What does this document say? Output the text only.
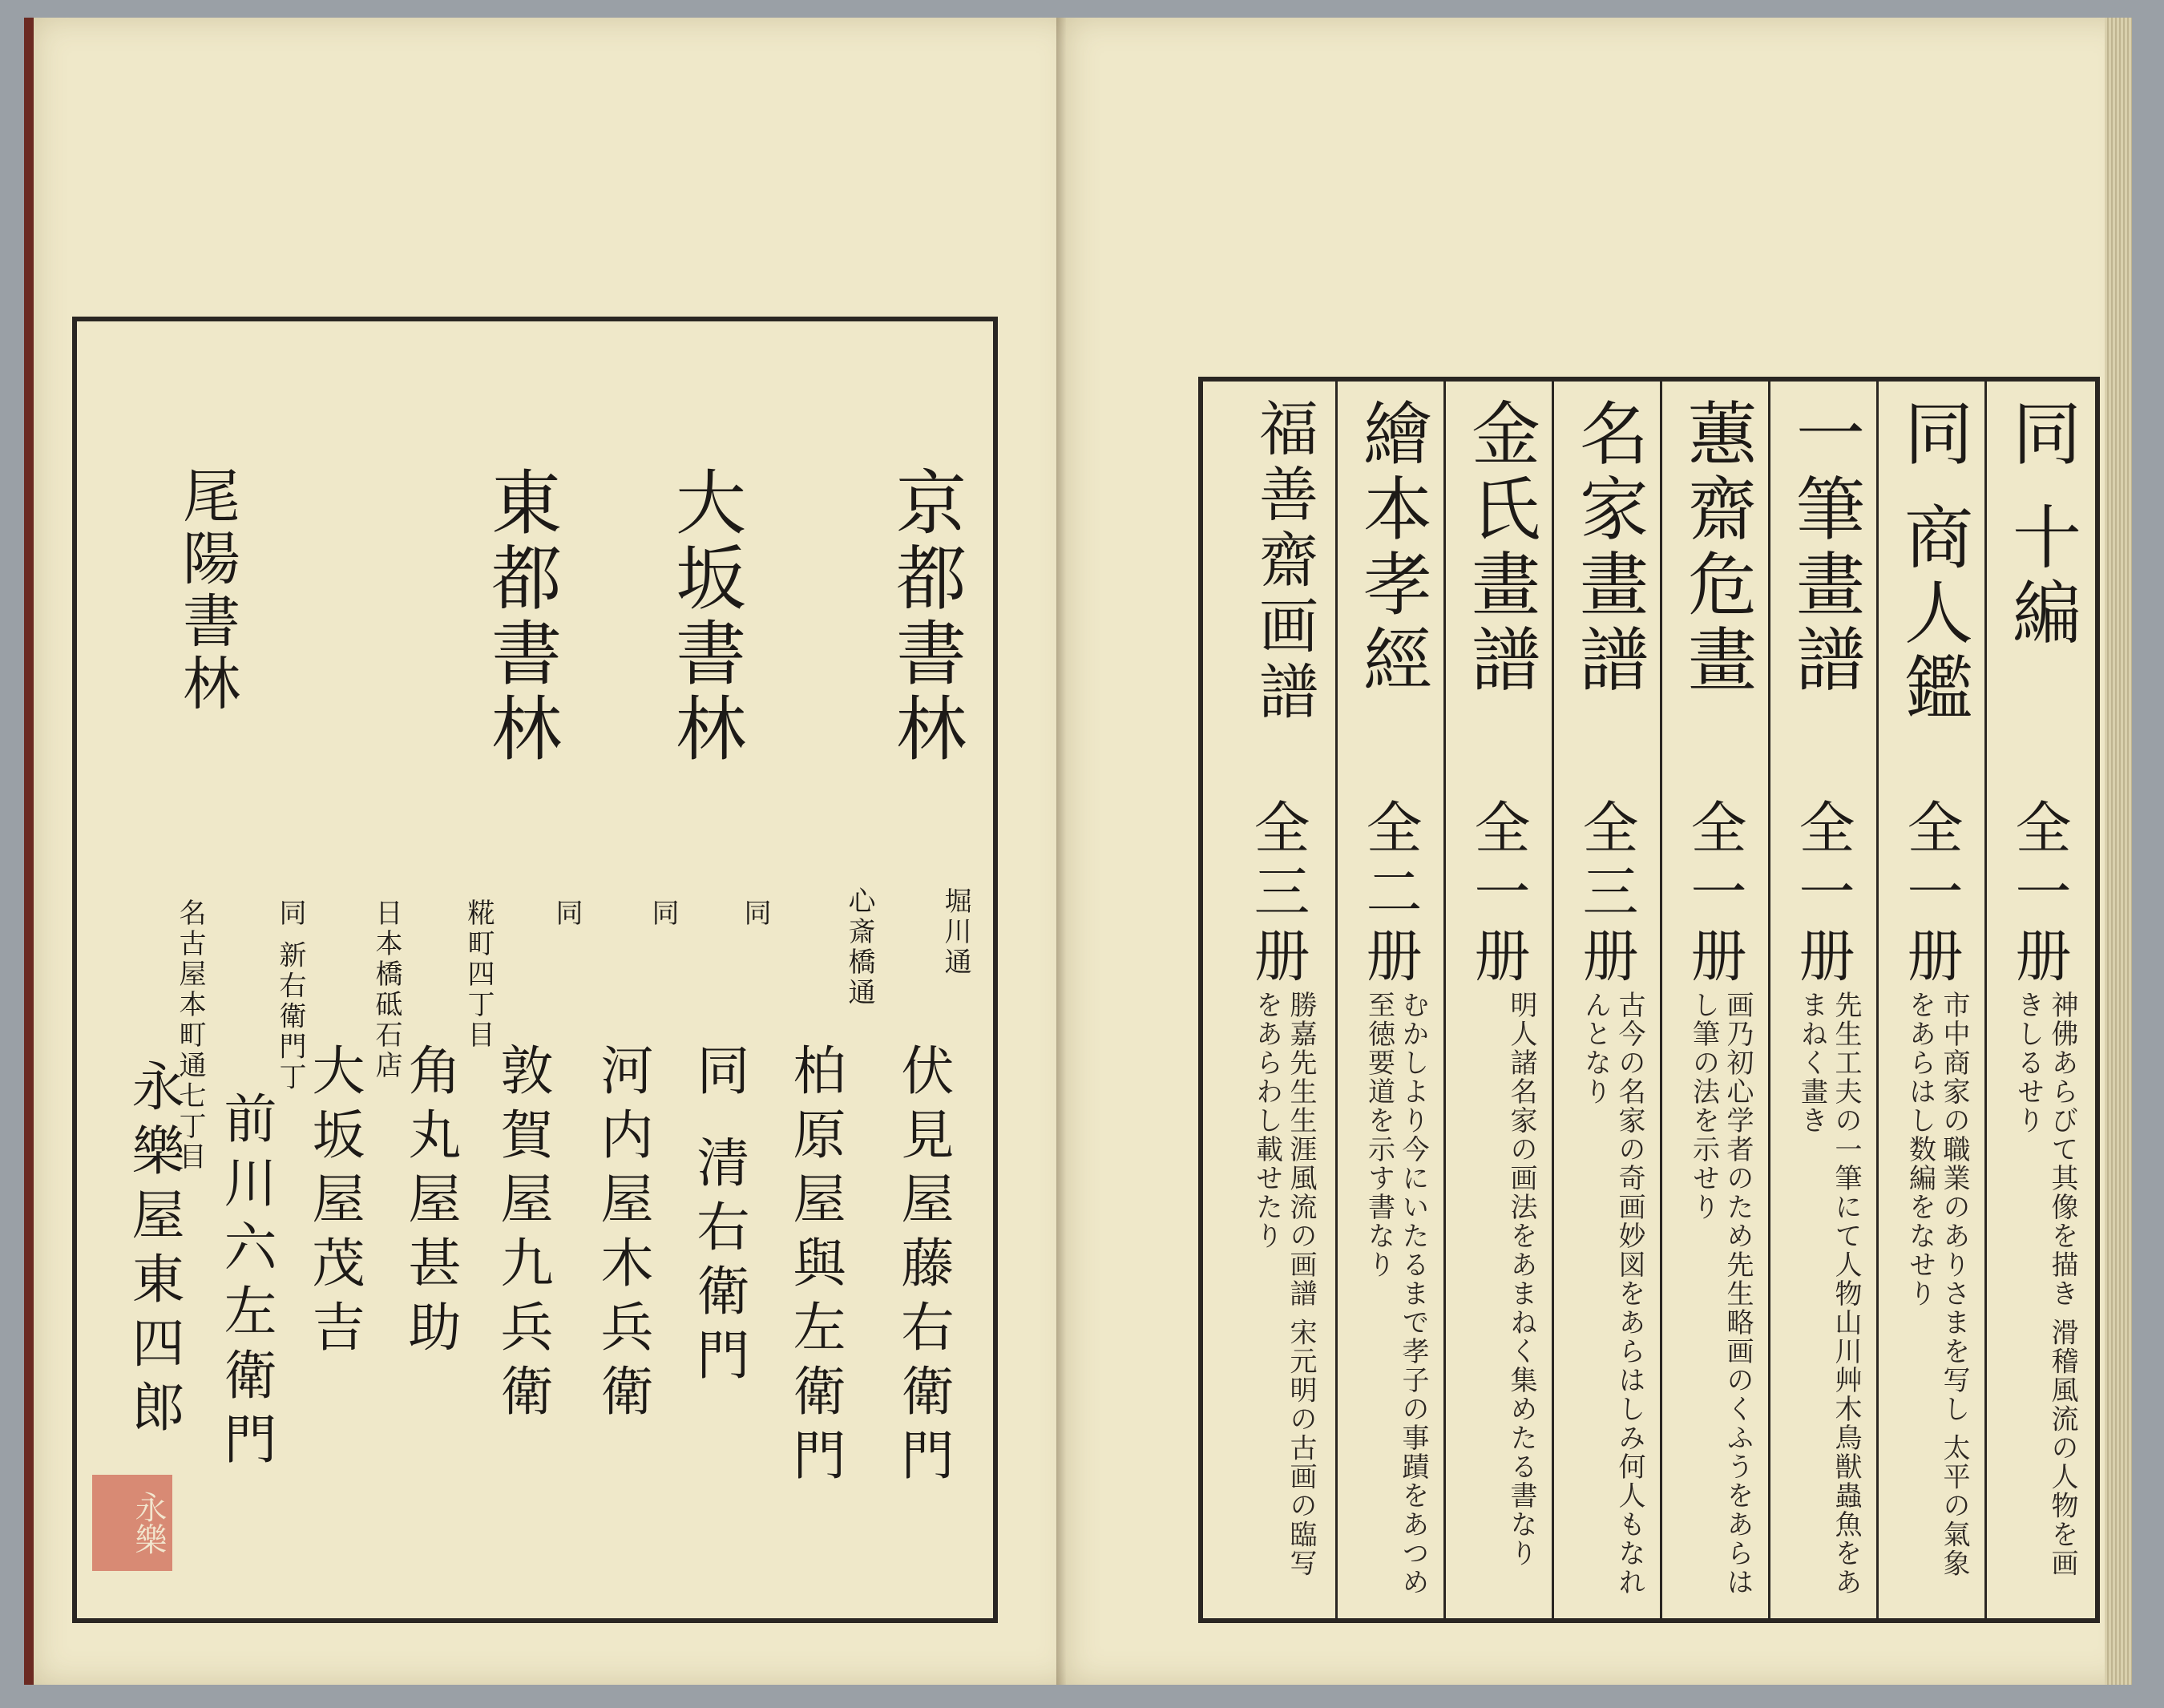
京都書林
大坂書林
東都書林
尾陽書林
堀川通
伏見屋藤右衛門
心斎橋通
柏原屋與左衛門
同
同 清右衛門
同
河内屋木兵衛
同
敦賀屋九兵衛
糀町四丁目
角丸屋甚助
日本橋砥石店
大坂屋茂吉
同 新右衛門丁
前川六左衛門
名古屋本町通七丁目
永樂屋東四郎
永樂
同 十編
全一册
神佛あらびて其像を描き 滑稽風流の人物を画きしるせり
同 商人鑑
全一册
市中商家の職業のありさまを写し 太平の氣象をあらはし数編をなせり
一筆畫譜
全一册
先生工夫の一筆にて人物山川艸木鳥獣蟲魚をあまねく畫き
蕙齋危畫
全一册
画乃初心学者のため先生略画のくふうをあらはし筆の法を示せり
名家畫譜
全三册
古今の名家の奇画妙図をあらはしみ何人もなれんとなり
金氏畫譜
全一册
明人諸名家の画法をあまねく集めたる書なり
繪本孝經
全二册
むかしより今にいたるまで孝子の事蹟をあつめ至徳要道を示す書なり
福善齋画譜
全三册
勝嘉先生生涯風流の画譜 宋元明の古画の臨写をあらわし載せたり
